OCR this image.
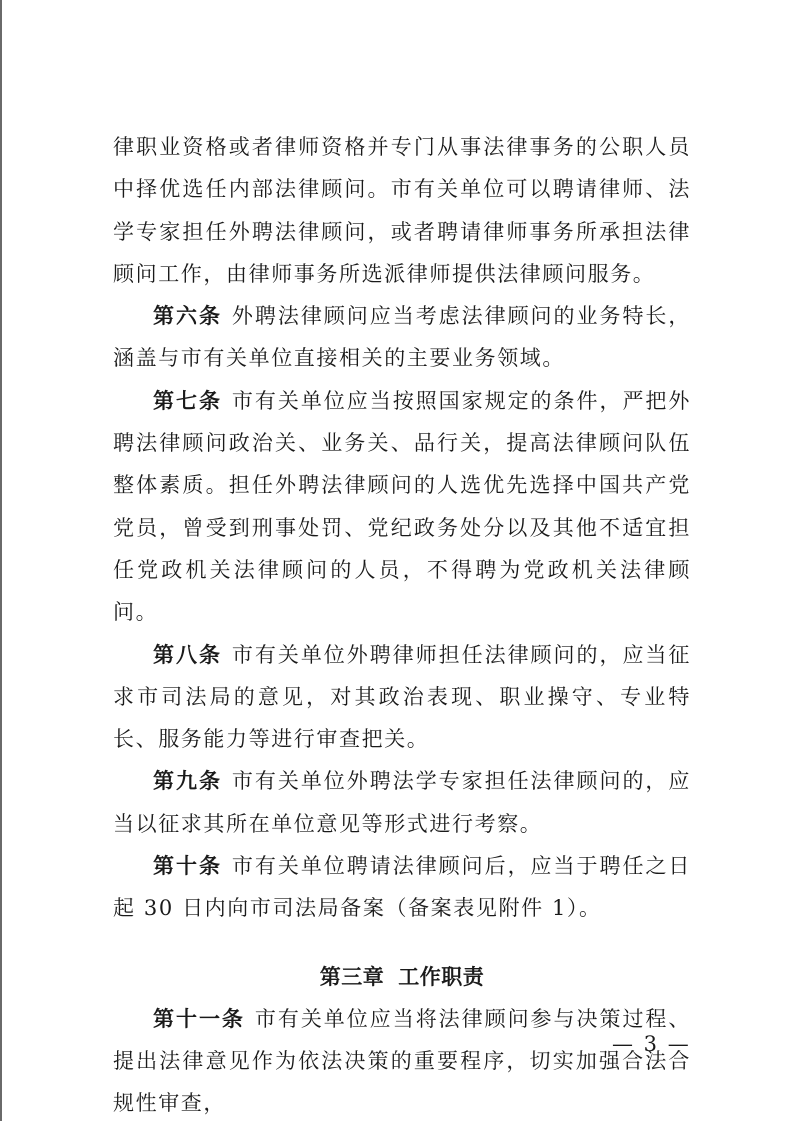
律职业资格或者律师资格并专门从事法律事务的公职人员中择优选任内部法律顾问。市有关单位可以聘请律师、法学专家担任外聘法律顾问，或者聘请律师事务所承担法律顾问工作，由律师事务所选派律师提供法律顾问服务。

第六条 外聘法律顾问应当考虑法律顾问的业务特长，涵盖与市有关单位直接相关的主要业务领域。

第七条 市有关单位应当按照国家规定的条件，严把外聘法律顾问政治关、业务关、品行关，提高法律顾问队伍整体素质。担任外聘法律顾问的人选优先选择中国共产党党员，曾受到刑事处罚、党纪政务处分以及其他不适宜担任党政机关法律顾问的人员，不得聘为党政机关法律顾问。

第八条 市有关单位外聘律师担任法律顾问的，应当征求市司法局的意见，对其政治表现、职业操守、专业特长、服务能力等进行审查把关。

第九条 市有关单位外聘法学专家担任法律顾问的，应当以征求其所在单位意见等形式进行考察。

第十条 市有关单位聘请法律顾问后，应当于聘任之日起 30 日内向市司法局备案（备案表见附件 1）。

第三章 工作职责

第十一条 市有关单位应当将法律顾问参与决策过程、提出法律意见作为依法决策的重要程序，切实加强合法合规性审查，

— 3 —
